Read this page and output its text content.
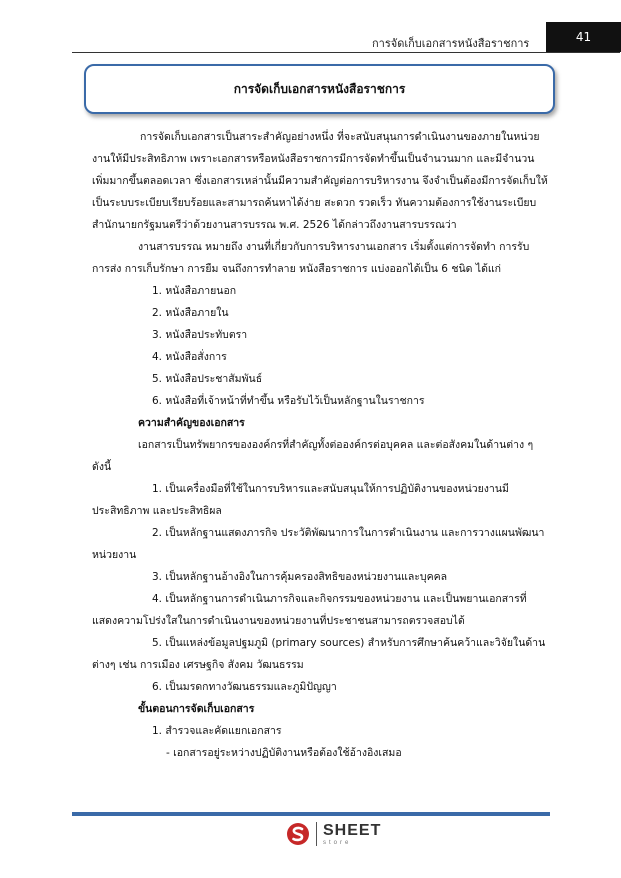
การจัดเก็บเอกสารหนังสือราชการ	41
การจัดเก็บเอกสารหนังสือราชการ

การจัดเก็บเอกสารเป็นสาระสำคัญอย่างหนึ่ง ที่จะสนับสนุนการดำเนินงานของภายในหน่วยงานให้มีประสิทธิภาพ เพราะเอกสารหรือหนังสือราชการมีการจัดทำขึ้นเป็นจำนวนมาก และมีจำนวนเพิ่มมากขึ้นตลอดเวลา ซึ่งเอกสารเหล่านั้นมีความสำคัญต่อการบริหารงาน จึงจำเป็นต้องมีการจัดเก็บให้เป็นระบบระเบียบเรียบร้อยและสามารถค้นหาได้ง่าย สะดวก รวดเร็ว ทันความต้องการใช้งานระเบียบสำนักนายกรัฐมนตรีว่าด้วยงานสารบรรณ พ.ศ. 2526 ได้กล่าวถึงงานสารบรรณว่า

งานสารบรรณ หมายถึง งานที่เกี่ยวกับการบริหารงานเอกสาร เริ่มตั้งแต่การจัดทำ การรับ การส่ง การเก็บรักษา การยืม จนถึงการทำลาย หนังสือราชการ แบ่งออกได้เป็น 6 ชนิด ได้แก่

1. หนังสือภายนอก
2. หนังสือภายใน
3. หนังสือประทับตรา
4. หนังสือสั่งการ
5. หนังสือประชาสัมพันธ์
6. หนังสือที่เจ้าหน้าที่ทำขึ้น หรือรับไว้เป็นหลักฐานในราชการ
ความสำคัญของเอกสาร

เอกสารเป็นทรัพยากรขององค์กรที่สำคัญทั้งต่อองค์กรต่อบุคคล และต่อสังคมในด้านต่าง ๆ ดังนี้

1. เป็นเครื่องมือที่ใช้ในการบริหารและสนับสนุนให้การปฏิบัติงานของหน่วยงานมีประสิทธิภาพ และประสิทธิผล

2. เป็นหลักฐานแสดงภารกิจ ประวัติพัฒนาการในการดำเนินงาน และการวางแผนพัฒนาหน่วยงาน

3. เป็นหลักฐานอ้างอิงในการคุ้มครองสิทธิของหน่วยงานและบุคคล

4. เป็นหลักฐานการดำเนินภารกิจและกิจกรรมของหน่วยงาน และเป็นพยานเอกสารที่แสดงความโปร่งใสในการดำเนินงานของหน่วยงานที่ประชาชนสามารถตรวจสอบได้

5. เป็นแหล่งข้อมูลปฐมภูมิ (primary sources) สำหรับการศึกษาค้นคว้าและวิจัยในด้านต่างๆ เช่น การเมือง เศรษฐกิจ สังคม วัฒนธรรม

6. เป็นมรดกทางวัฒนธรรมและภูมิปัญญา

ขั้นตอนการจัดเก็บเอกสาร
1. สำรวจและคัดแยกเอกสาร
- เอกสารอยู่ระหว่างปฏิบัติงานหรือต้องใช้อ้างอิงเสมอ
SHEET
store
